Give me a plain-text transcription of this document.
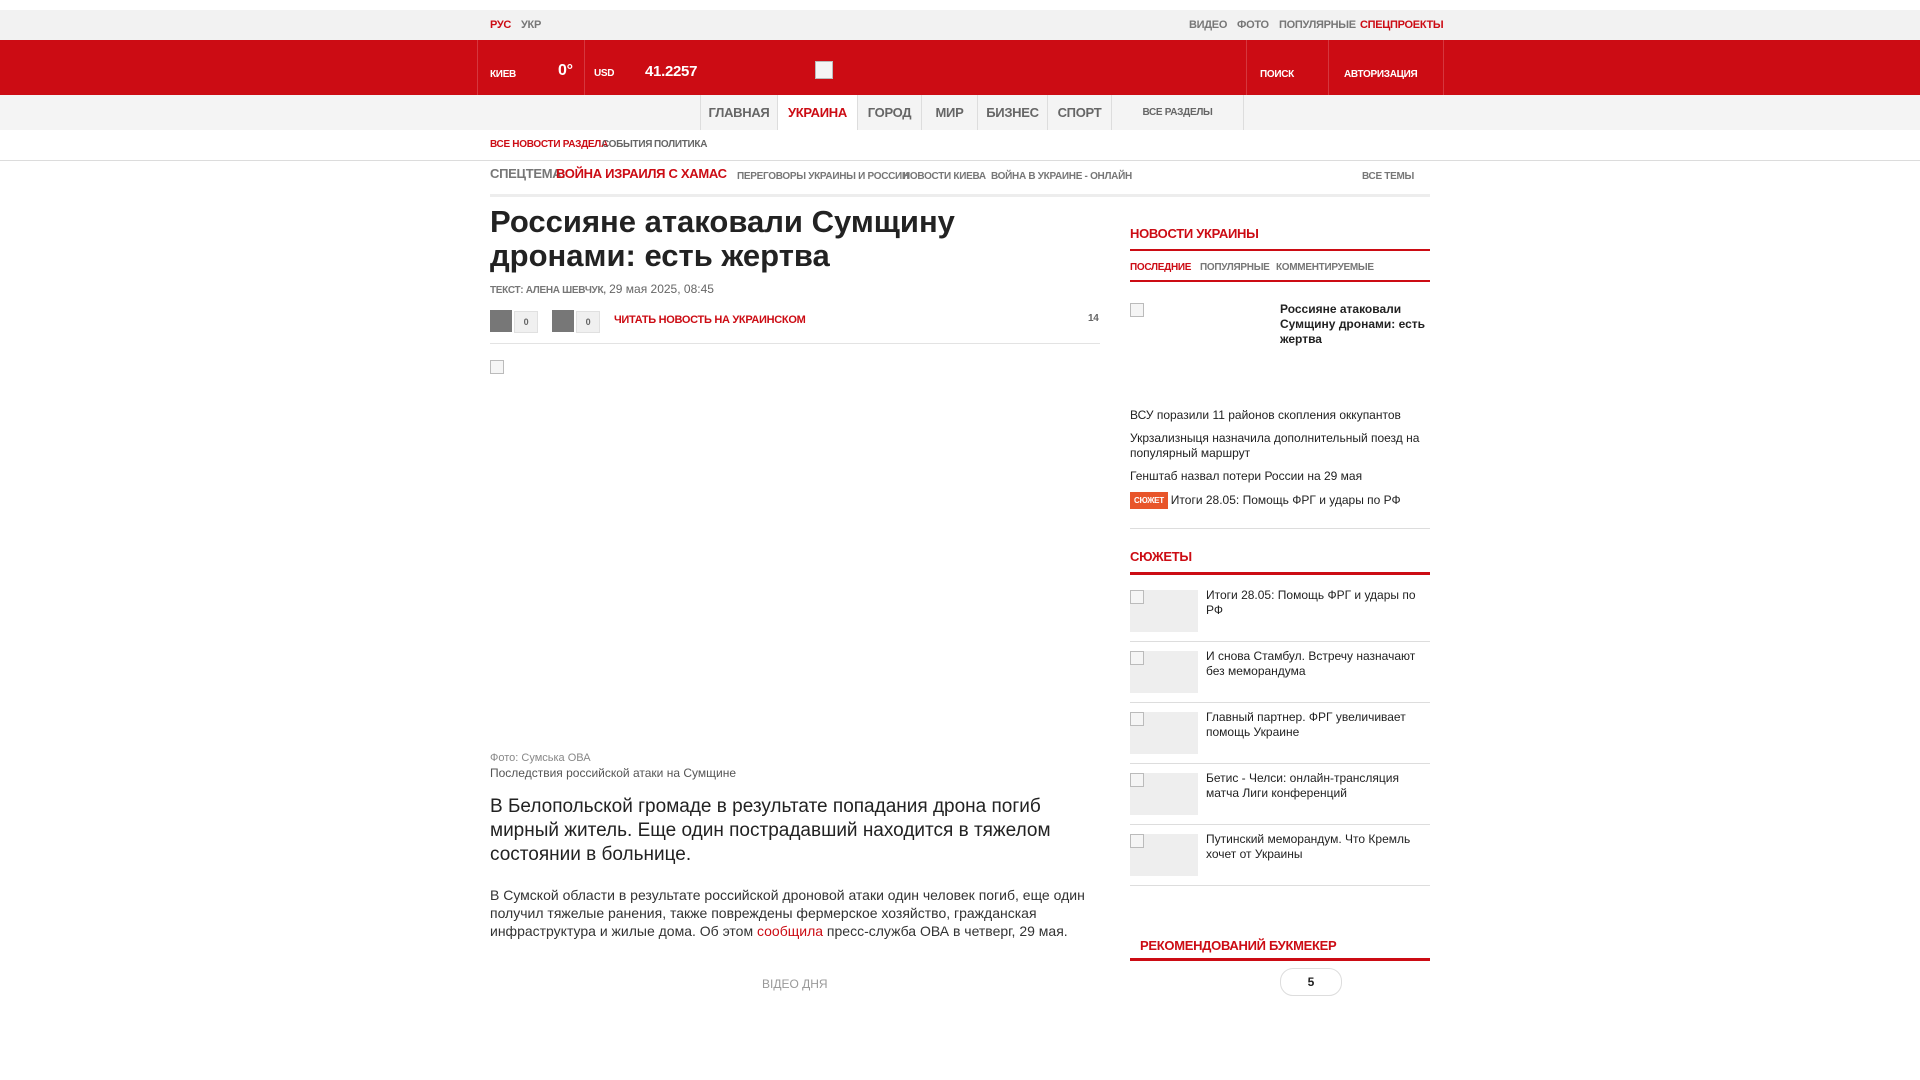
РУС УКР	ВИДЕО ФОТО ПОПУЛЯРНЫЕ СПЕЦПРОЕКТЫ
КИЕВ	0° USD 41.2257	ПОИСК	АВТОРИЗАЦИЯ
ГЛАВНАЯ	УКРАИНА	ГОРОД	МИР	БИЗНЕС	СПОРТ	ВСЕ РАЗДЕЛЫ
ВСЕ НОВОСТИ РАЗДЕЛА
СОБЫТИЯ ПОЛИТИКА
СПЕЦТЕМА:
ВОЙНА ИЗРАИЛЯ С ХАМАС ПЕРЕГОВОРЫ УКРАИНЫ И РОССИИ
НОВОСТИ КИЕВА ВОЙНА В УКРАИНЕ - ОНЛАЙН	ВСЕ ТЕМЫ
Россияне атаковали Сумщину дронами: есть жертва
ТЕКСТ: АЛЕНА ШЕВЧУК, 29 мая 2025, 08:45
0	0	ЧИТАТЬ НОВОСТЬ НА УКРАИНСКОМ	14
Фото: Сумська ОВА
Последствия российской атаки на Сумщине
В Белопольской громаде в результате попадания дрона погиб мирный житель. Еще один пострадавший находится в тяжелом состоянии в больнице.
В Сумской области в результате российской дроновой атаки один человек погиб, еще один получил тяжелые ранения, также повреждены фермерское хозяйство, гражданская инфраструктура и жилые дома. Об этом сообщила пресс-служба ОВА в четверг, 29 мая.
ВІДЕО ДНЯ
НОВОСТИ УКРАИНЫ
ПОСЛЕДНИЕ ПОПУЛЯРНЫЕ КОММЕНТИРУЕМЫЕ
Россияне атаковали Сумщину дронами: есть жертва
ВСУ поразили 11 районов скопления оккупантов
Укрзализныця назначила дополнительный поезд на популярный маршрут
Генштаб назвал потери России на 29 мая
СЮЖЕТ Итоги 28.05: Помощь ФРГ и удары по РФ
СЮЖЕТЫ
Итоги 28.05: Помощь ФРГ и удары по РФ
И снова Стамбул. Встречу назначают без меморандума
Главный партнер. ФРГ увеличивает помощь Украине
Бетис - Челси: онлайн-трансляция матча Лиги конференций
Путинский меморандум. Что Кремль хочет от Украины
РЕКОМЕНДОВАНИЙ БУКМЕКЕР
5
